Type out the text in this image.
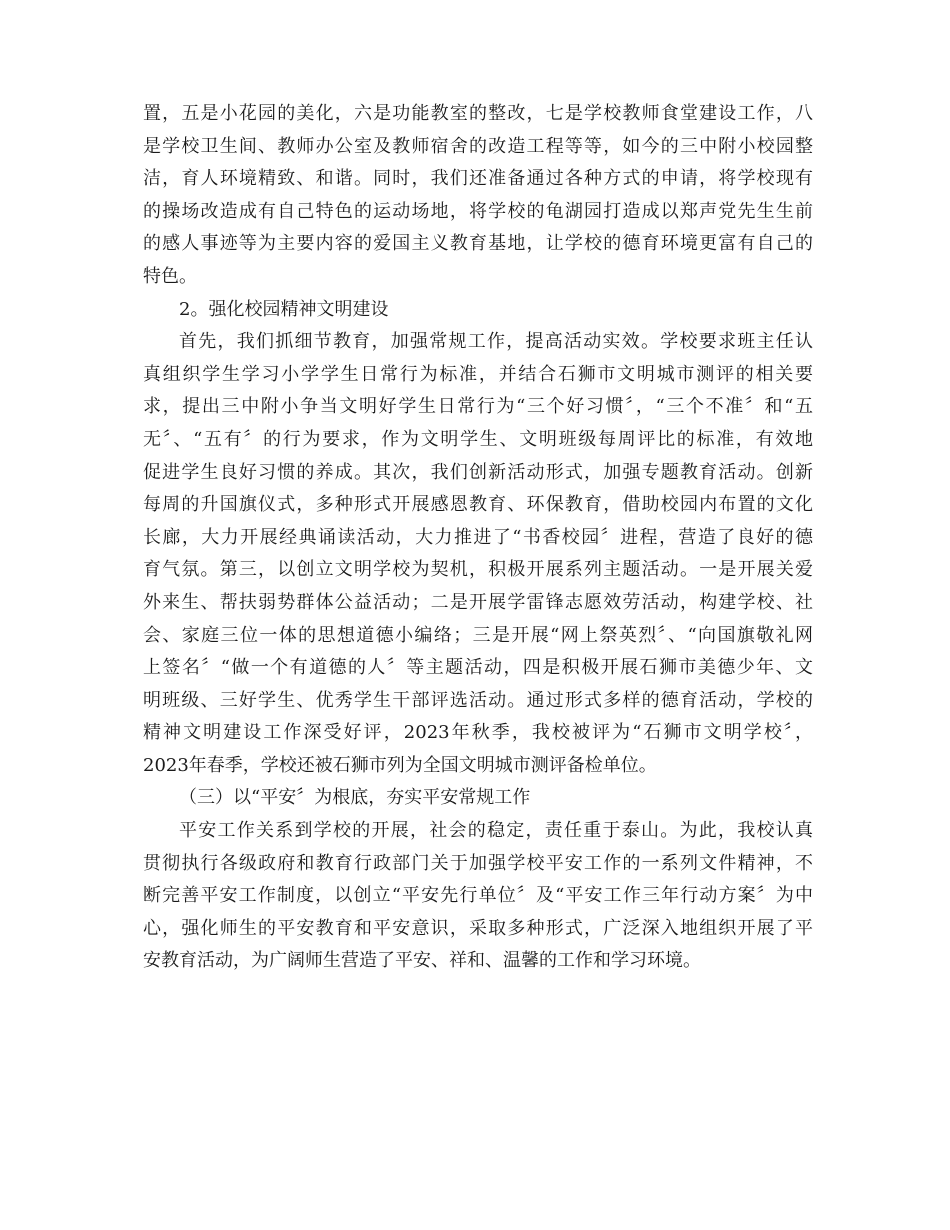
置，五是小花园的美化，六是功能教室的整改，七是学校教师食堂建设工作，八
是学校卫生间、教师办公室及教师宿舍的改造工程等等，如今的三中附小校园整
洁，育人环境精致、和谐。同时，我们还准备通过各种方式的申请，将学校现有
的操场改造成有自己特色的运动场地，将学校的龟湖园打造成以郑声党先生生前
的感人事迹等为主要内容的爱国主义教育基地，让学校的德育环境更富有自己的
特色。
2。强化校园精神文明建设
首先，我们抓细节教育，加强常规工作，提高活动实效。学校要求班主任认
真组织学生学习小学学生日常行为标准，并结合石狮市文明城市测评的相关要
求，提出三中附小争当文明好学生日常行为“三个好习惯〞，“三个不准〞和“五
无〞、“五有〞的行为要求，作为文明学生、文明班级每周评比的标准，有效地
促进学生良好习惯的养成。其次，我们创新活动形式，加强专题教育活动。创新
每周的升国旗仪式，多种形式开展感恩教育、环保教育，借助校园内布置的文化
长廊，大力开展经典诵读活动，大力推进了“书香校园〞进程，营造了良好的德
育气氛。第三，以创立文明学校为契机，积极开展系列主题活动。一是开展关爱
外来生、帮扶弱势群体公益活动；二是开展学雷锋志愿效劳活动，构建学校、社
会、家庭三位一体的思想道德小编络；三是开展“网上祭英烈〞、“向国旗敬礼网
上签名〞“做一个有道德的人〞等主题活动，四是积极开展石狮市美德少年、文
明班级、三好学生、优秀学生干部评选活动。通过形式多样的德育活动，学校的
精神文明建设工作深受好评，2023年秋季，我校被评为“石狮市文明学校〞，
2023年春季，学校还被石狮市列为全国文明城市测评备检单位。
（三）以“平安〞为根底，夯实平安常规工作
平安工作关系到学校的开展，社会的稳定，责任重于泰山。为此，我校认真
贯彻执行各级政府和教育行政部门关于加强学校平安工作的一系列文件精神，不
断完善平安工作制度，以创立“平安先行单位〞及“平安工作三年行动方案〞为中
心，强化师生的平安教育和平安意识，采取多种形式，广泛深入地组织开展了平
安教育活动，为广阔师生营造了平安、祥和、温馨的工作和学习环境。
